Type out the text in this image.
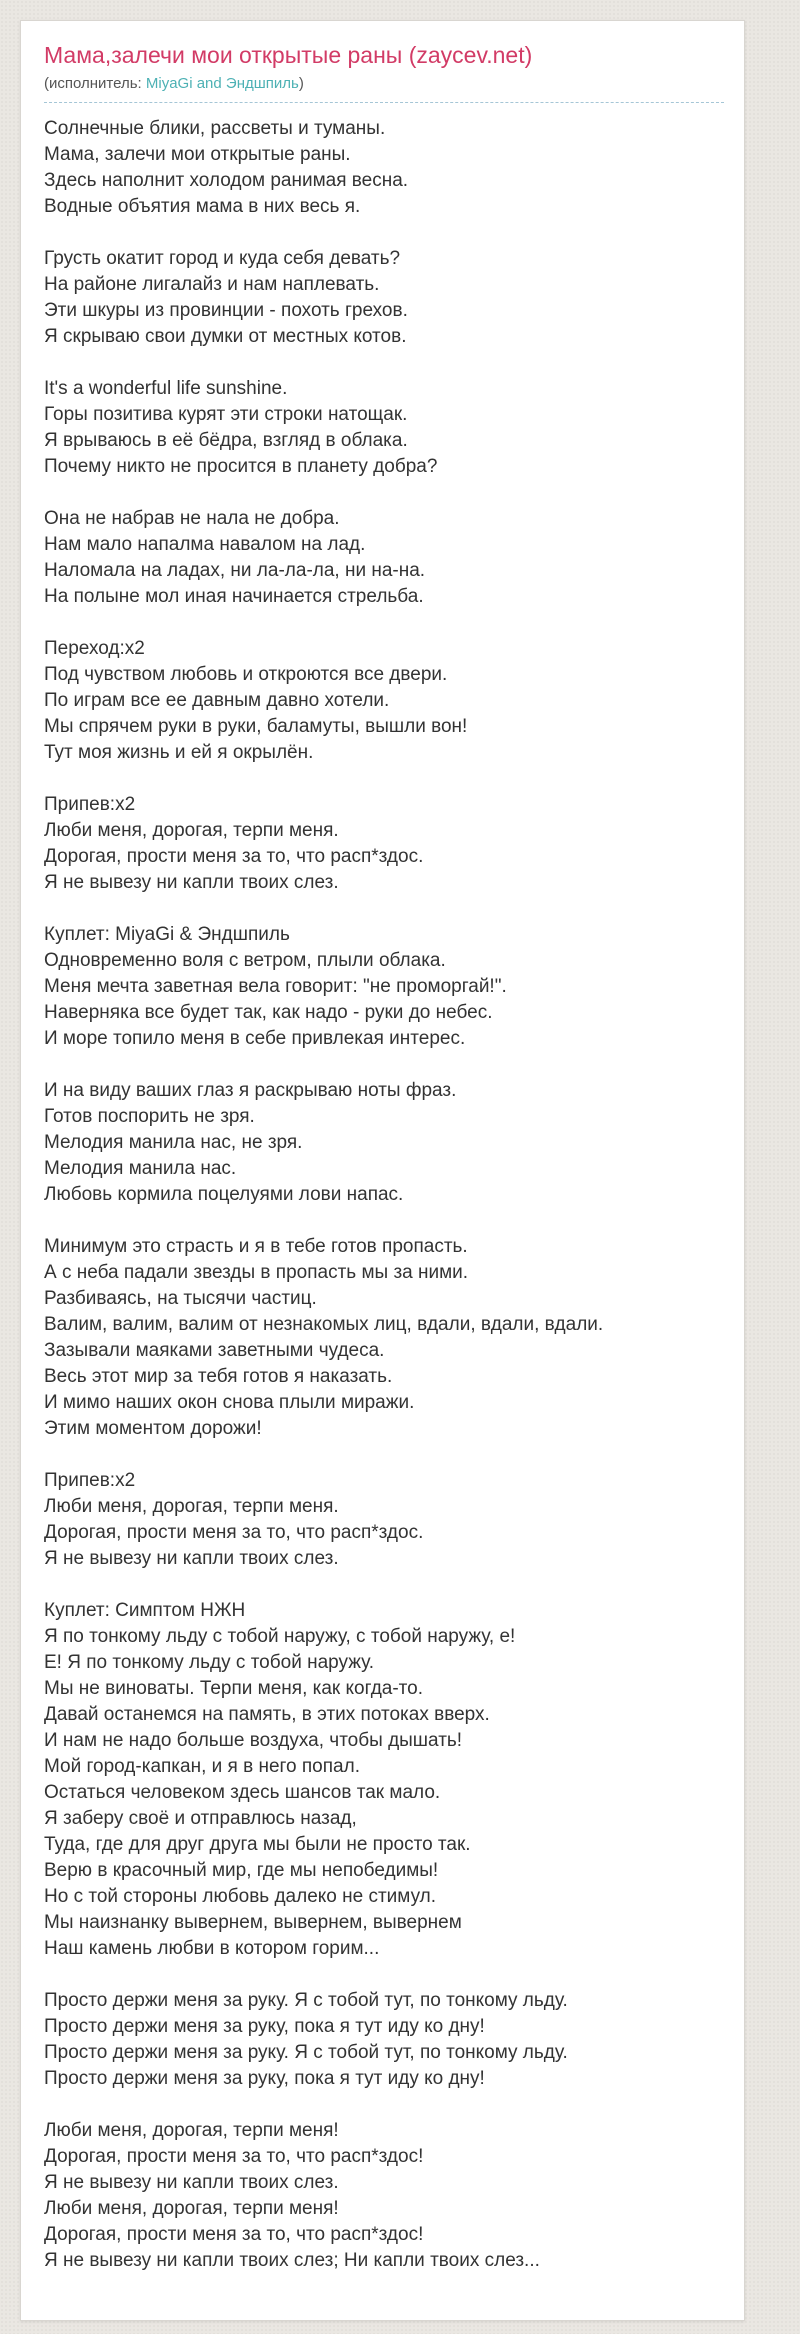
Мама,залечи мои открытые раны (zaycev.net)
(исполнитель: MiyaGi and Эндшпиль)

Солнечные блики, рассветы и туманы.

Мама, залечи мои открытые раны.

Здесь наполнит холодом ранимая весна.

Водные объятия мама в них весь я.

Грусть окатит город и куда себя девать?

На районе лигалайз и нам наплевать.

Эти шкуры из провинции - похоть грехов.

Я скрываю свои думки от местных котов.

It's a wonderful life sunshine.

Горы позитива курят эти строки натощак.

Я врываюсь в её бёдра, взгляд в облака.

Почему никто не просится в планету добра?

Она не набрав не нала не добра.

Нам мало напалма навалом на лад.

Наломала на ладах, ни ла-ла-ла, ни на-на.

На полыне мол иная начинается стрельба.

Переход:x2

Под чувством любовь и откроются все двери.

По играм все ее давным давно хотели.

Мы спрячем руки в руки, баламуты, вышли вон!

Тут моя жизнь и ей я окрылён.

Припев:x2

Люби меня, дорогая, терпи меня.

Дорогая, прости меня за то, что расп*здос.

Я не вывезу ни капли твоих слез.

Куплет: MiyaGi & Эндшпиль

Одновременно воля с ветром, плыли облака.

Меня мечта заветная вела говорит: "не проморгай!".

Наверняка все будет так, как надо - руки до небес.

И море топило меня в себе привлекая интерес.

И на виду ваших глаз я раскрываю ноты фраз.

Готов поспорить не зря.

Мелодия манила нас, не зря.

Мелодия манила нас.

Любовь кормила поцелуями лови напас.

Минимум это страсть и я в тебе готов пропасть.

А с неба падали звезды в пропасть мы за ними.

Разбиваясь, на тысячи частиц.

Валим, валим, валим от незнакомых лиц, вдали, вдали, вдали.

Зазывали маяками заветными чудеса.

Весь этот мир за тебя готов я наказать.

И мимо наших окон снова плыли миражи.

Этим моментом дорожи!

Припев:x2

Люби меня, дорогая, терпи меня.

Дорогая, прости меня за то, что расп*здос.

Я не вывезу ни капли твоих слез.

Куплет: Симптом НЖН

Я по тонкому льду с тобой наружу, с тобой наружу, е!

Е! Я по тонкому льду с тобой наружу.

Мы не виноваты. Терпи меня, как когда-то.

Давай останемся на память, в этих потоках вверх.

И нам не надо больше воздуха, чтобы дышать!

Мой город-капкан, и я в него попал.

Остаться человеком здесь шансов так мало.

Я заберу своё и отправлюсь назад,

Туда, где для друг друга мы были не просто так.

Верю в красочный мир, где мы непобедимы!

Но с той стороны любовь далеко не стимул.

Мы наизнанку вывернем, вывернем, вывернем

Наш камень любви в котором горим...

Просто держи меня за руку. Я с тобой тут, по тонкому льду.

Просто держи меня за руку, пока я тут иду ко дну!

Просто держи меня за руку. Я с тобой тут, по тонкому льду.

Просто держи меня за руку, пока я тут иду ко дну!

Люби меня, дорогая, терпи меня!

Дорогая, прости меня за то, что расп*здос!

Я не вывезу ни капли твоих слез.

Люби меня, дорогая, терпи меня!

Дорогая, прости меня за то, что расп*здос!

Я не вывезу ни капли твоих слез; Ни капли твоих слез...
